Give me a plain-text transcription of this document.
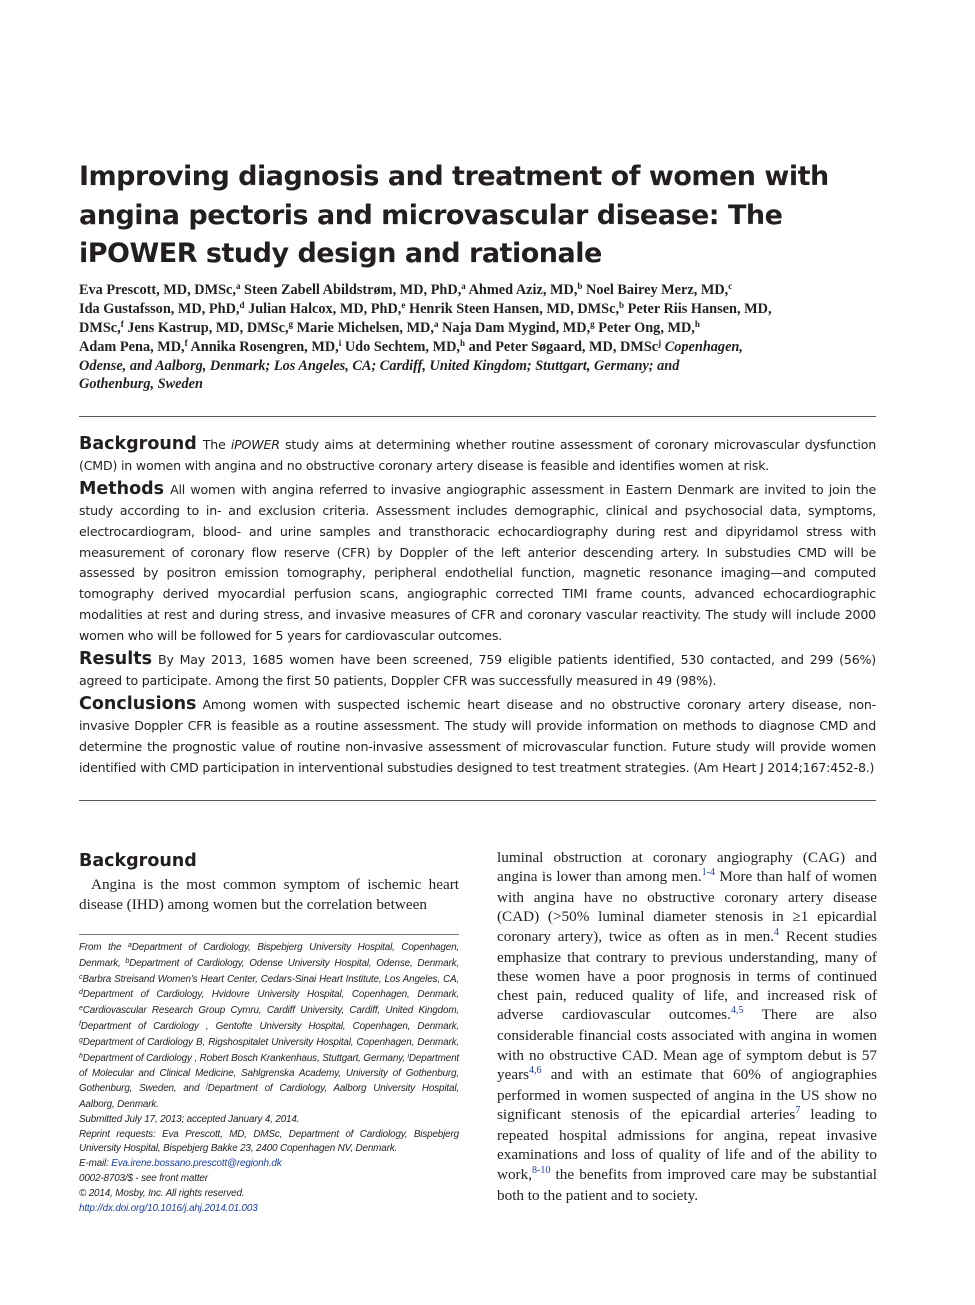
Improving diagnosis and treatment of women with
angina pectoris and microvascular disease: The
iPOWER study design and rationale
Eva Prescott, MD, DMSc,$^a$ Steen Zabell Abildstrøm, MD, PhD,$^a$ Ahmed Aziz, MD,$^b$ Noel Bairey Merz, MD,$^c$
Ida Gustafsson, MD, PhD,$^d$ Julian Halcox, MD, PhD,$^e$ Henrik Steen Hansen, MD, DMSc,$^b$ Peter Riis Hansen, MD,
DMSc,$^f$ Jens Kastrup, MD, DMSc,$^g$ Marie Michelsen, MD,$^a$ Naja Dam Mygind, MD,$^g$ Peter Ong, MD,$^h$
Adam Pena, MD,$^f$ Annika Rosengren, MD,$^i$ Udo Sechtem, MD,$^h$ and Peter Søgaard, MD, DMSc$^j$ Copenhagen,
Odense, and Aalborg, Denmark; Los Angeles, CA; Cardiff, United Kingdom; Stuttgart, Germany; and
Gothenburg, Sweden

Background The iPOWER study aims at determining whether routine assessment of coronary microvascular dysfunction (CMD) in women with angina and no obstructive coronary artery disease is feasible and identifies women at risk.

Methods All women with angina referred to invasive angiographic assessment in Eastern Denmark are invited to join the study according to in- and exclusion criteria. Assessment includes demographic, clinical and psychosocial data, symptoms, electrocardiogram, blood- and urine samples and transthoracic echocardiography during rest and dipyridamol stress with measurement of coronary flow reserve (CFR) by Doppler of the left anterior descending artery. In substudies CMD will be assessed by positron emission tomography, peripheral endothelial function, magnetic resonance imaging—and computed tomography derived myocardial perfusion scans, angiographic corrected TIMI frame counts, advanced echocardiographic modalities at rest and during stress, and invasive measures of CFR and coronary vascular reactivity. The study will include 2000 women who will be followed for 5 years for cardiovascular outcomes.

Results By May 2013, 1685 women have been screened, 759 eligible patients identified, 530 contacted, and 299 (56%) agreed to participate. Among the first 50 patients, Doppler CFR was successfully measured in 49 (98%).

Conclusions Among women with suspected ischemic heart disease and no obstructive coronary artery disease, non-invasive Doppler CFR is feasible as a routine assessment. The study will provide information on methods to diagnose CMD and determine the prognostic value of routine non-invasive assessment of microvascular function. Future study will provide women identified with CMD participation in interventional substudies designed to test treatment strategies. (Am Heart J 2014;167:452-8.)

Background

Angina is the most common symptom of ischemic heart disease (IHD) among women but the correlation between

From the $^a$Department of Cardiology, Bispebjerg University Hospital, Copenhagen, Denmark, $^b$Department of Cardiology, Odense University Hospital, Odense, Denmark, $^c$Barbra Streisand Women's Heart Center, Cedars-Sinai Heart Institute, Los Angeles, CA, $^d$Department of Cardiology, Hvidovre University Hospital, Copenhagen, Denmark, $^e$Cardiovascular Research Group Cymru, Cardiff University, Cardiff, United Kingdom, $^f$Department of Cardiology , Gentofte University Hospital, Copenhagen, Denmark, $^g$Department of Cardiology B, Rigshospitalet University Hospital, Copenhagen, Denmark, $^h$Department of Cardiology , Robert Bosch Krankenhaus, Stuttgart, Germany, $^i$Department of Molecular and Clinical Medicine, Sahlgrenska Academy, University of Gothenburg, Gothenburg, Sweden, and $^j$Department of Cardiology, Aalborg University Hospital, Aalborg, Denmark.

Submitted July 17, 2013; accepted January 4, 2014.

Reprint requests: Eva Prescott, MD, DMSc, Department of Cardiology, Bispebjerg University Hospital, Bispebjerg Bakke 23, 2400 Copenhagen NV, Denmark.

E-mail: Eva.irene.bossano.prescott@regionh.dk

0002-8703/$ - see front matter

© 2014, Mosby, Inc. All rights reserved.

http://dx.doi.org/10.1016/j.ahj.2014.01.003

luminal obstruction at coronary angiography (CAG) and angina is lower than among men.$^{1-4}$ More than half of women with angina have no obstructive coronary artery disease (CAD) (>50% luminal diameter stenosis in ≥1 epicardial coronary artery), twice as often as in men.$^4$ Recent studies emphasize that contrary to previous understanding, many of these women have a poor prognosis in terms of continued chest pain, reduced quality of life, and increased risk of adverse cardiovascular outcomes.$^{4,5}$ There are also considerable financial costs associated with angina in women with no obstructive CAD. Mean age of symptom debut is 57 years$^{4,6}$ and with an estimate that 60% of angiographies performed in women suspected of angina in the US show no significant stenosis of the epicardial arteries$^7$ leading to repeated hospital admissions for angina, repeat invasive examinations and loss of quality of life and of the ability to work,$^{8-10}$ the benefits from improved care may be substantial both to the patient and to society.
